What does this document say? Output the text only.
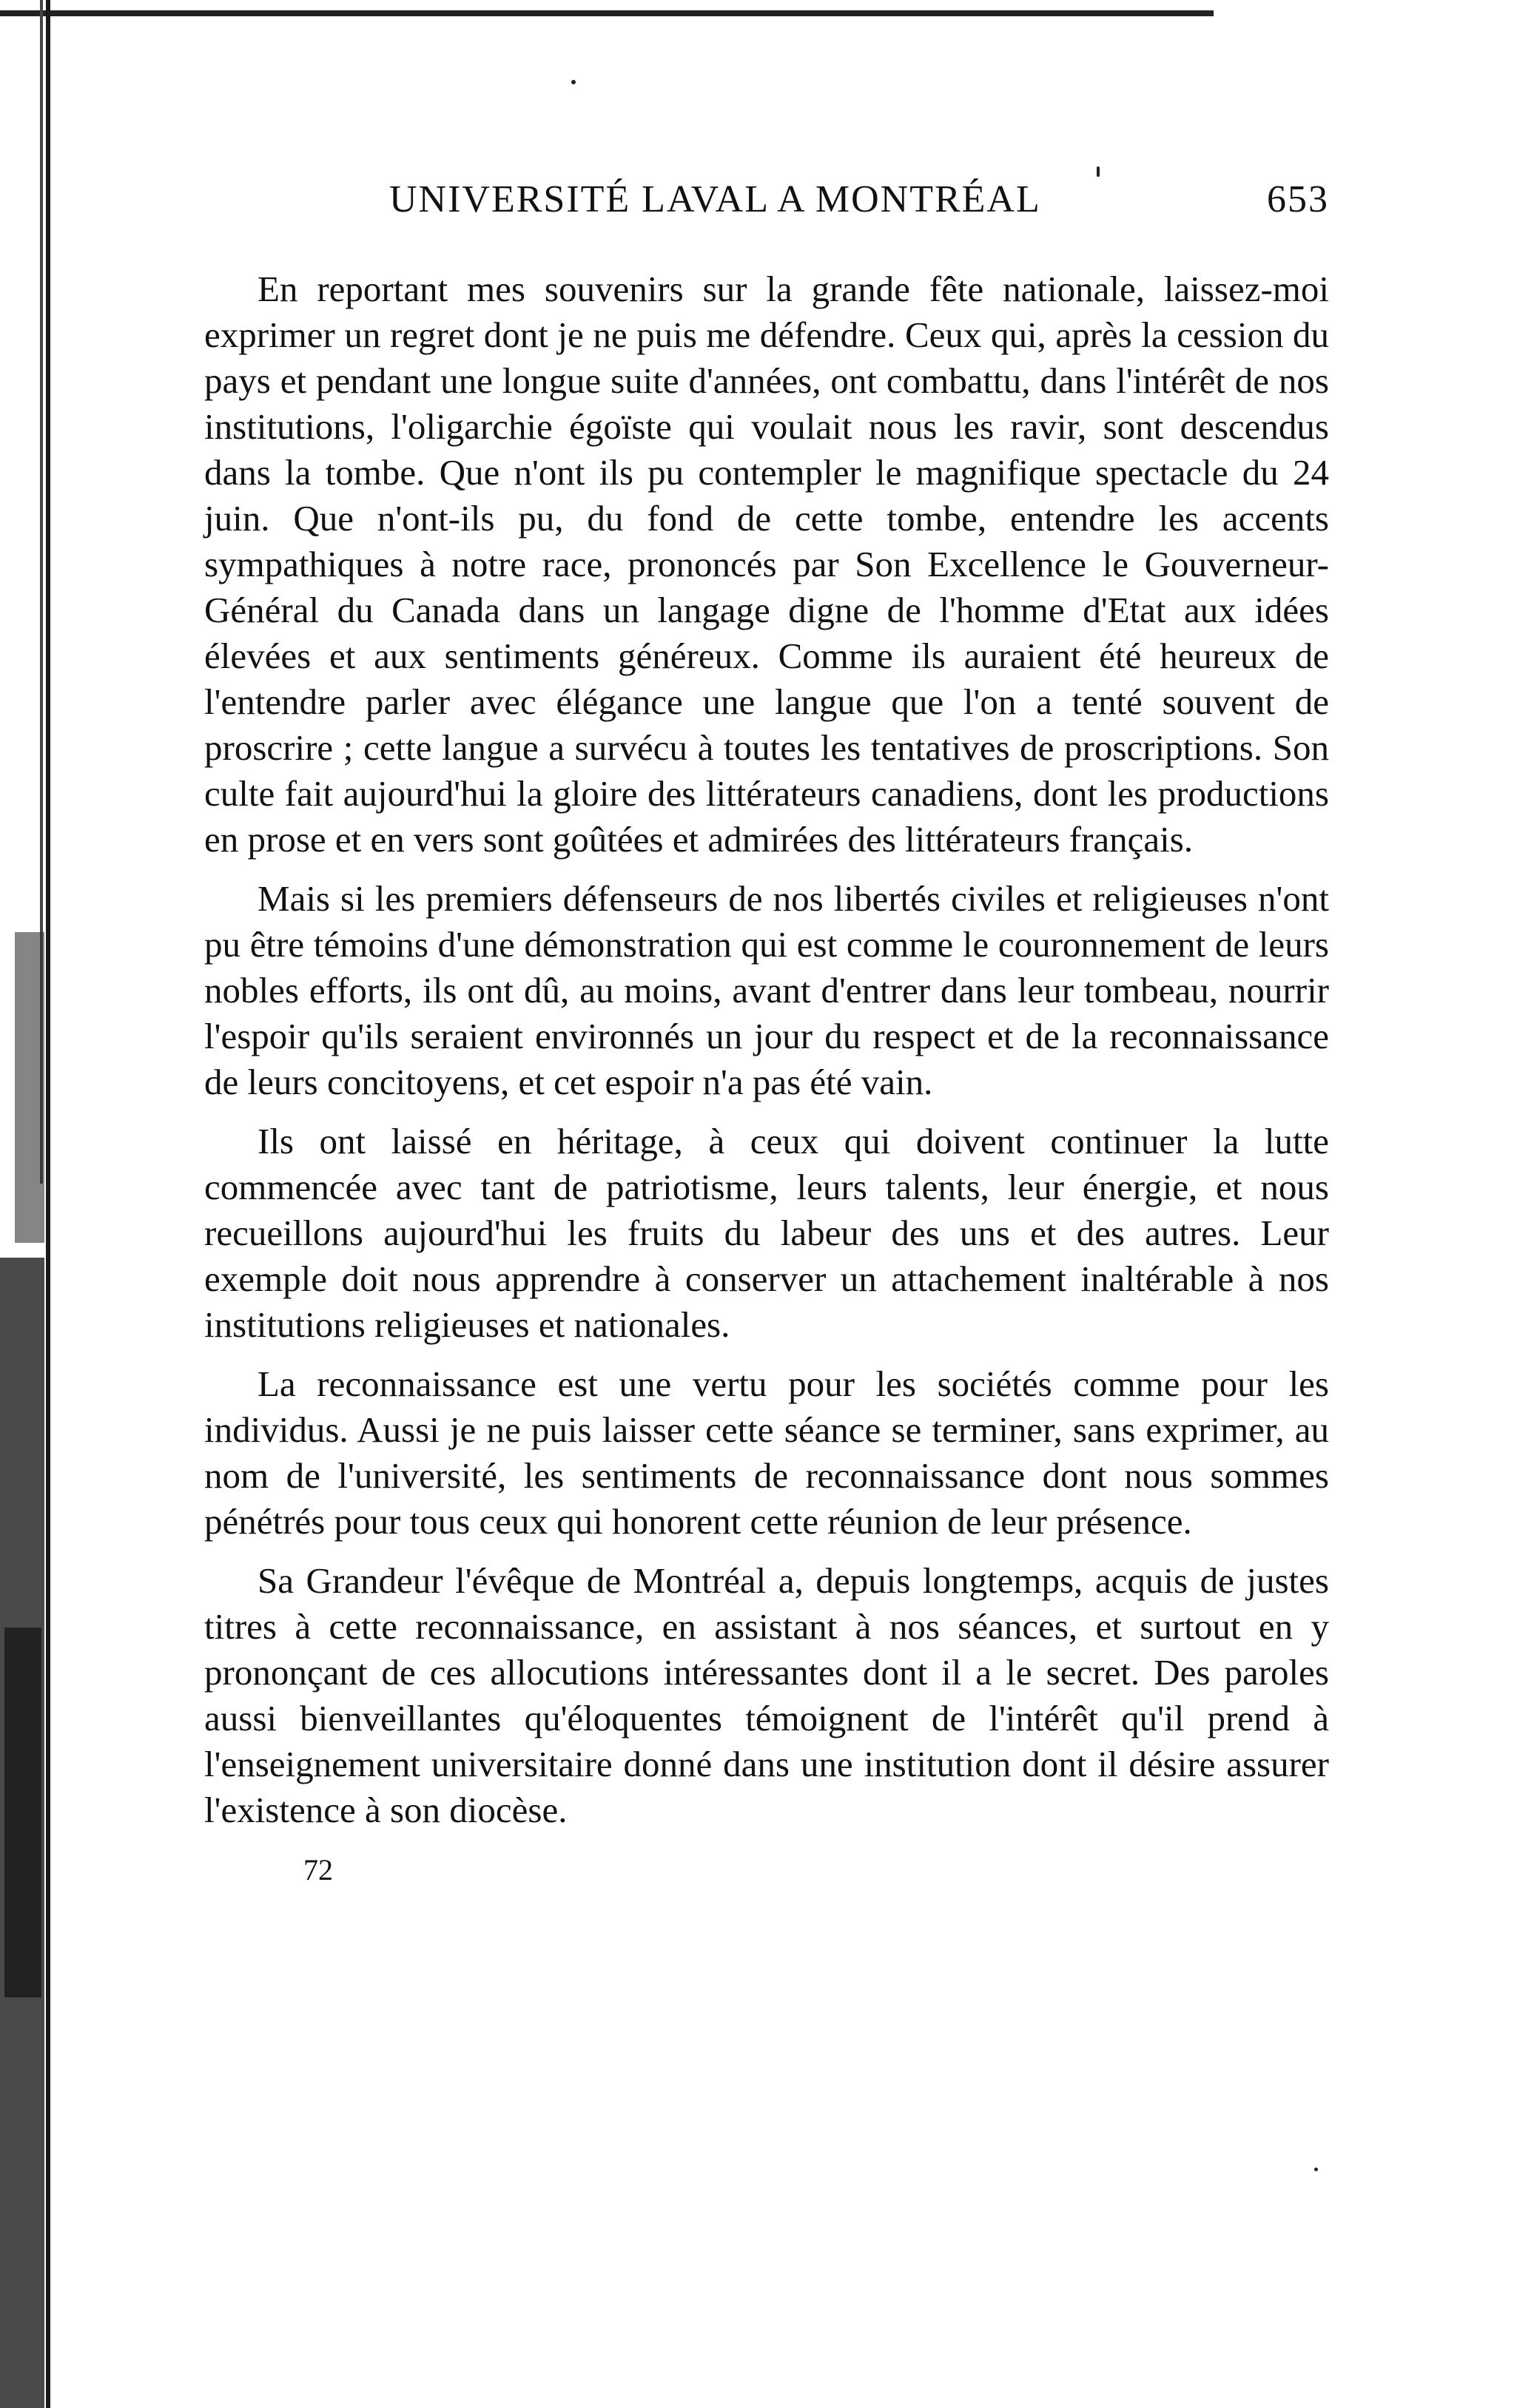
UNIVERSITÉ LAVAL A MONTRÉAL	653

En reportant mes souvenirs sur la grande fête nationale, laissez-moi exprimer un regret dont je ne puis me défendre. Ceux qui, après la cession du pays et pendant une longue suite d'années, ont combattu, dans l'intérêt de nos institutions, l'oligarchie égoïste qui voulait nous les ravir, sont descendus dans la tombe. Que n'ont ils pu contempler le magnifique spectacle du 24 juin. Que n'ont-ils pu, du fond de cette tombe, entendre les accents sympathiques à notre race, prononcés par Son Excellence le Gouverneur-Général du Canada dans un langage digne de l'homme d'Etat aux idées élevées et aux sentiments généreux. Comme ils auraient été heureux de l'entendre parler avec élégance une langue que l'on a tenté souvent de proscrire ; cette langue a survécu à toutes les tentatives de proscriptions. Son culte fait aujourd'hui la gloire des littérateurs canadiens, dont les productions en prose et en vers sont goûtées et admirées des littérateurs français.

Mais si les premiers défenseurs de nos libertés civiles et religieuses n'ont pu être témoins d'une démonstration qui est comme le couronnement de leurs nobles efforts, ils ont dû, au moins, avant d'entrer dans leur tombeau, nourrir l'espoir qu'ils seraient environnés un jour du respect et de la reconnaissance de leurs concitoyens, et cet espoir n'a pas été vain.

Ils ont laissé en héritage, à ceux qui doivent continuer la lutte commencée avec tant de patriotisme, leurs talents, leur énergie, et nous recueillons aujourd'hui les fruits du labeur des uns et des autres. Leur exemple doit nous apprendre à conserver un attachement inaltérable à nos institutions religieuses et nationales.

La reconnaissance est une vertu pour les sociétés comme pour les individus. Aussi je ne puis laisser cette séance se terminer, sans exprimer, au nom de l'université, les sentiments de reconnaissance dont nous sommes pénétrés pour tous ceux qui honorent cette réunion de leur présence.

Sa Grandeur l'évêque de Montréal a, depuis longtemps, acquis de justes titres à cette reconnaissance, en assistant à nos séances, et surtout en y prononçant de ces allocutions intéressantes dont il a le secret. Des paroles aussi bienveillantes qu'éloquentes témoignent de l'intérêt qu'il prend à l'enseignement universitaire donné dans une institution dont il désire assurer l'existence à son diocèse.

72
